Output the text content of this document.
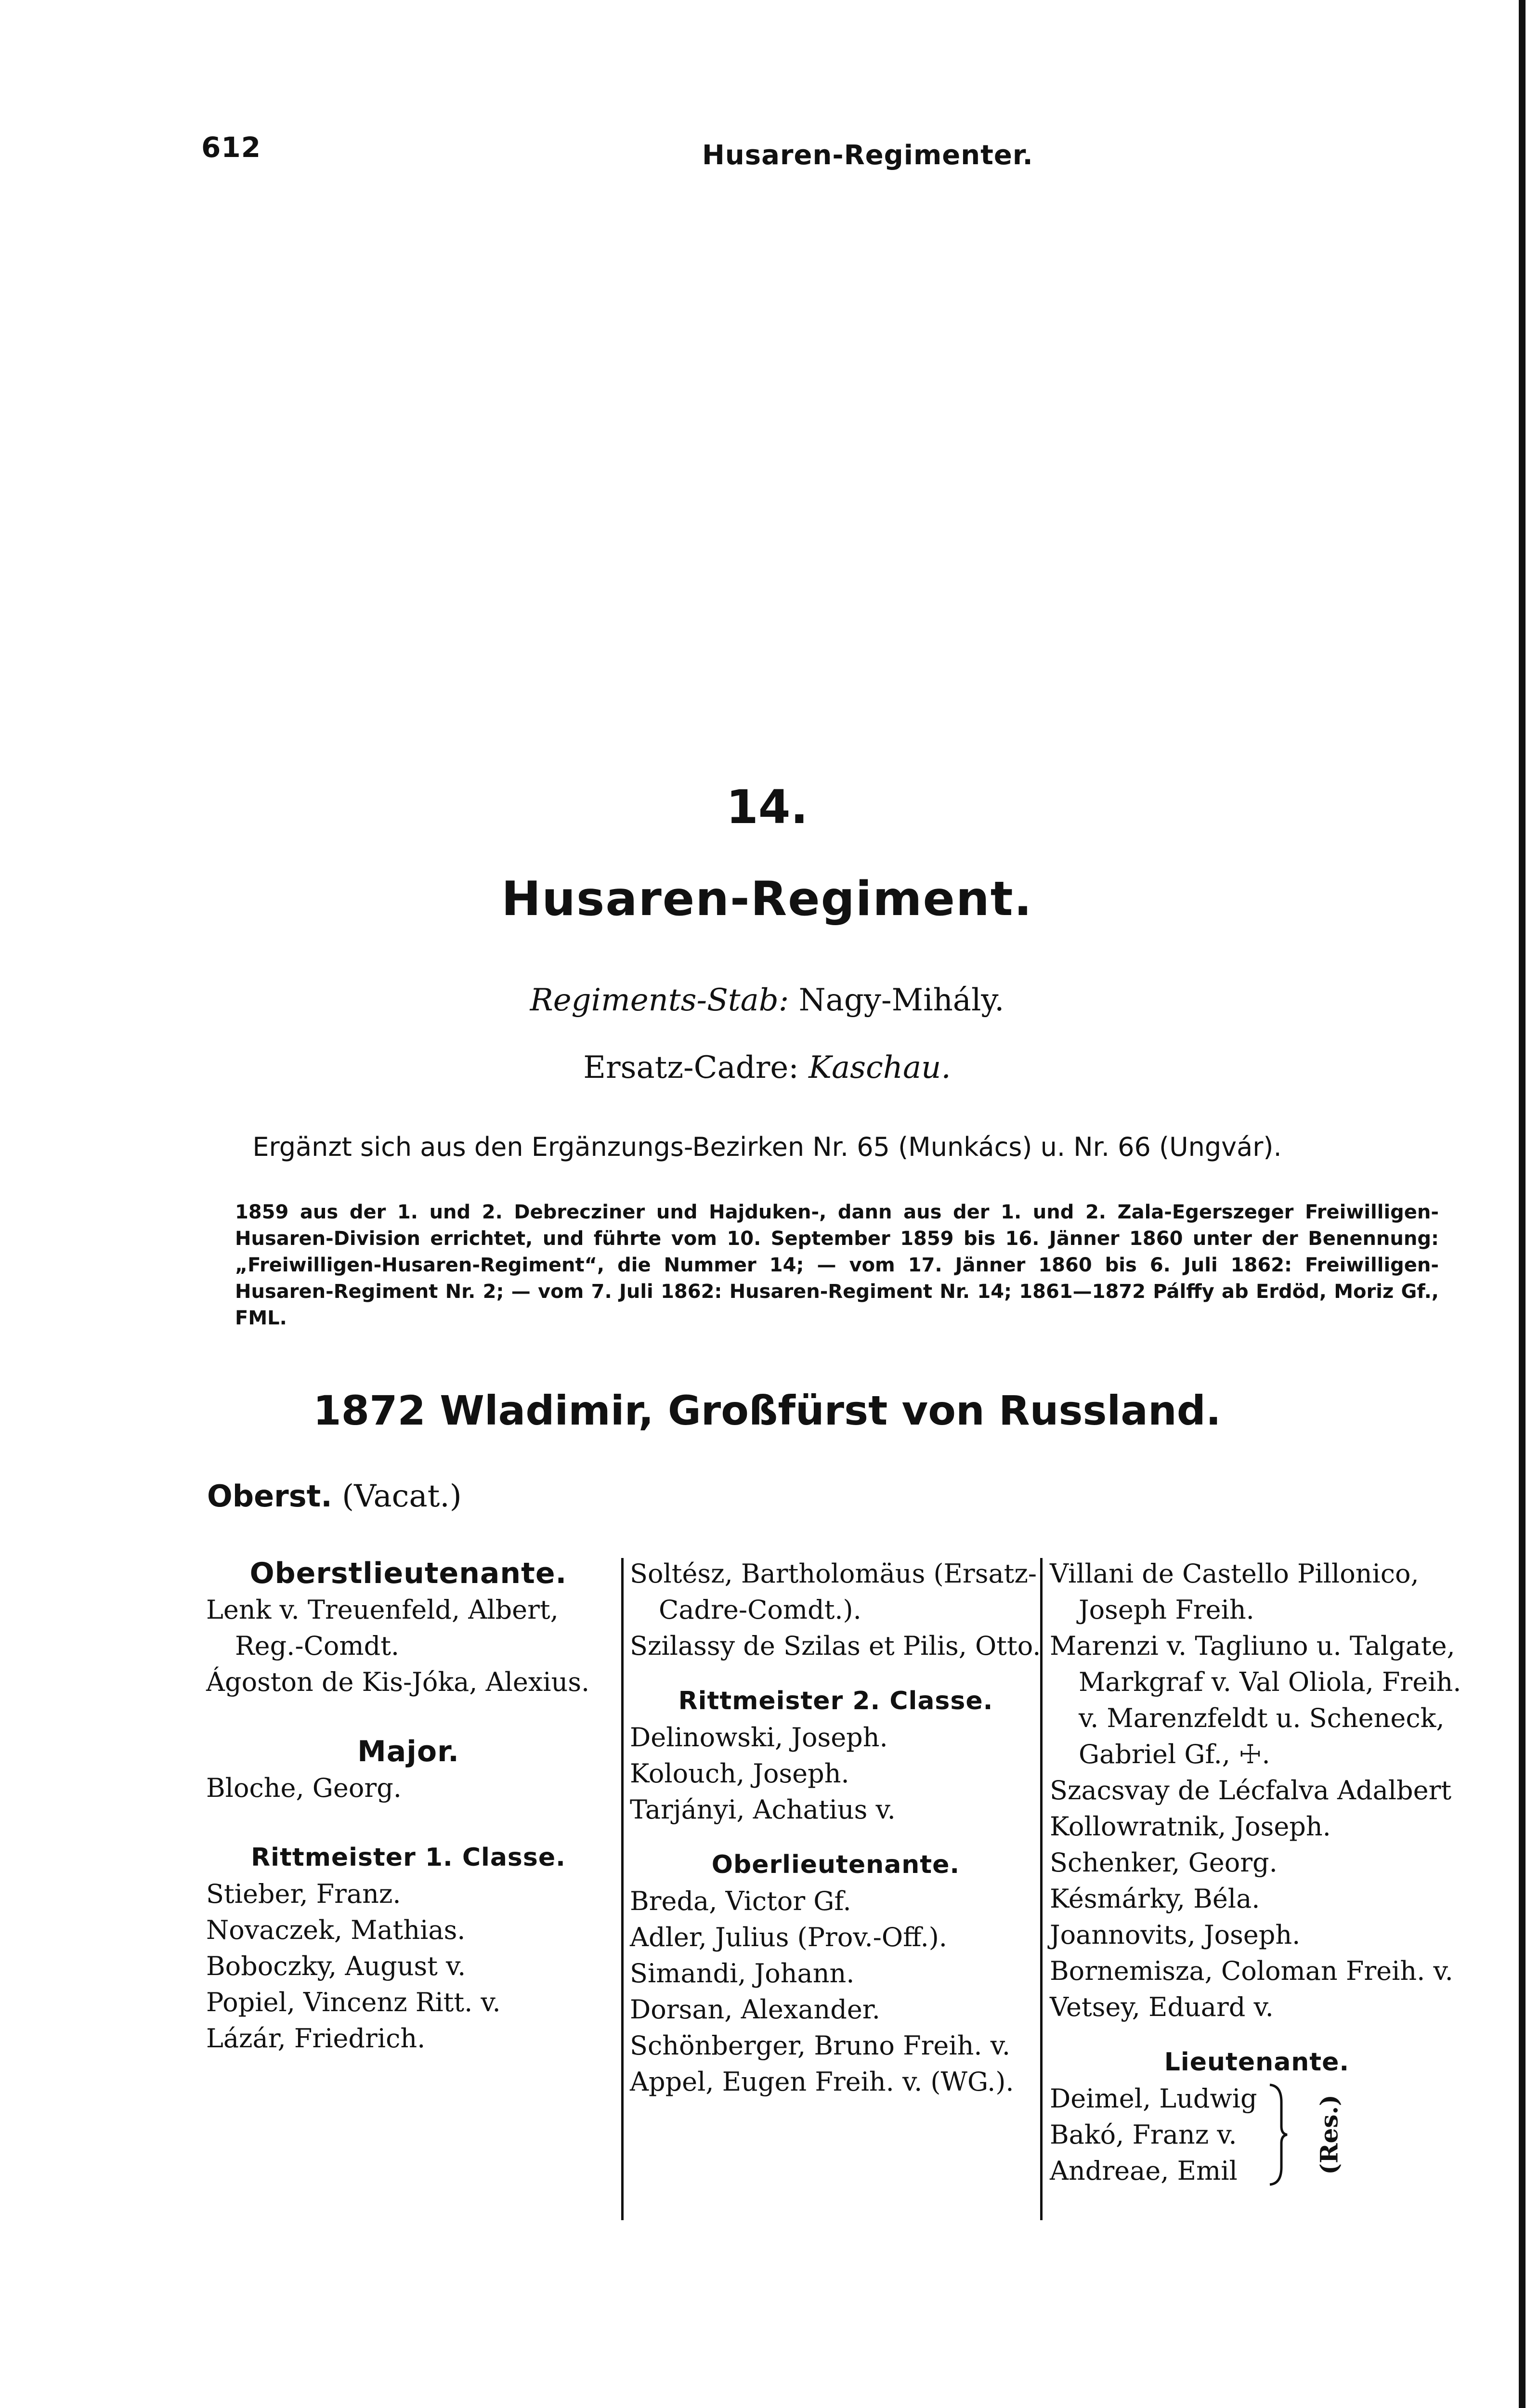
612	Husaren-Regimenter.
14.
Husaren-Regiment.
Regiments-Stab: Nagy-Mihály.
Ersatz-Cadre: Kaschau.
Ergänzt sich aus den Ergänzungs-Bezirken Nr. 65 (Munkács) u. Nr. 66 (Ungvár).
1859 aus der 1. und 2. Debrecziner und Hajduken-, dann aus der 1. und 2. Zala-Egerszeger Freiwilligen-Husaren-Division errichtet, und führte vom 10. September 1859 bis 16. Jänner 1860 unter der Benennung: „Freiwilligen-Husaren-Regiment“, die Nummer 14; — vom 17. Jänner 1860 bis 6. Juli 1862: Freiwilligen-Husaren-Regiment Nr. 2; — vom 7. Juli 1862: Husaren-Regiment Nr. 14; 1861—1872 Pálffy ab Erdöd, Moriz Gf., FML.
1872 Wladimir, Großfürst von Russland.
Oberst. (Vacat.)
Oberstlieutenante.
Lenk v. Treuenfeld, Albert, Reg.-Comdt.
Ágoston de Kis-Jóka, Alexius.
Major.
Bloche, Georg.
Rittmeister 1. Classe.
Stieber, Franz.
Novaczek, Mathias.
Boboczky, August v.
Popiel, Vincenz Ritt. v.
Lázár, Friedrich.
Soltész, Bartholomäus (Ersatz-Cadre-Comdt.).
Szilassy de Szilas et Pilis, Otto.
Rittmeister 2. Classe.
Delinowski, Joseph.
Kolouch, Joseph.
Tarjányi, Achatius v.
Oberlieutenante.
Breda, Victor Gf.
Adler, Julius (Prov.-Off.).
Simandi, Johann.
Dorsan, Alexander.
Schönberger, Bruno Freih. v.
Appel, Eugen Freih. v. (WG.).
Villani de Castello Pillonico, Joseph Freih.
Marenzi v. Tagliuno u. Talgate, Markgraf v. Val Oliola, Freih. v. Marenzfeldt u. Scheneck, Gabriel Gf., ☩.
Szacsvay de Lécfalva Adalbert
Kollowratnik, Joseph.
Schenker, Georg.
Késmárky, Béla.
Joannovits, Joseph.
Bornemisza, Coloman Freih. v.
Vetsey, Eduard v.
Lieutenante.
Deimel, Ludwig
Bakó, Franz v.
Andreae, Emil	(Res.)
